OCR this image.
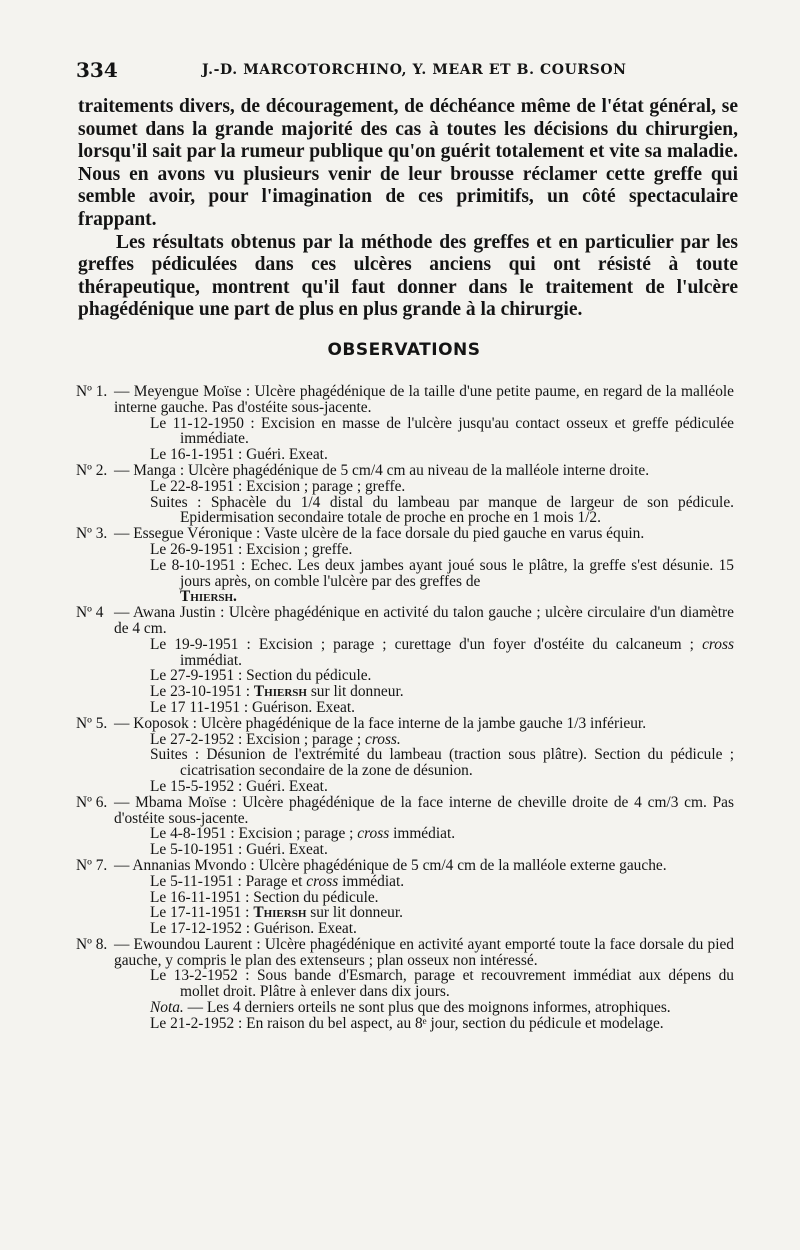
334	J.-D. MARCOTORCHINO, Y. MEAR ET B. COURSON

traitements divers, de découragement, de déchéance même de l'état général, se soumet dans la grande majorité des cas à toutes les décisions du chirurgien, lorsqu'il sait par la rumeur publique qu'on guérit totalement et vite sa maladie. Nous en avons vu plusieurs venir de leur brousse réclamer cette greffe qui semble avoir, pour l'imagination de ces primitifs, un côté spectaculaire frappant.

Les résultats obtenus par la méthode des greffes et en particulier par les greffes pédiculées dans ces ulcères anciens qui ont résisté à toute thérapeutique, montrent qu'il faut donner dans le traitement de l'ulcère phagédénique une part de plus en plus grande à la chirurgie.

OBSERVATIONS
Nº 1. — Meyengue Moïse : Ulcère phagédénique de la taille d'une petite paume, en regard de la malléole interne gauche. Pas d'ostéite sous-jacente.
Le 11-12-1950 : Excision en masse de l'ulcère jusqu'au contact osseux et greffe pédiculée immédiate.
Le 16-1-1951 : Guéri. Exeat.
Nº 2. — Manga : Ulcère phagédénique de 5 cm/4 cm au niveau de la malléole interne droite.
Le 22-8-1951 : Excision ; parage ; greffe.
Suites : Sphacèle du 1/4 distal du lambeau par manque de largeur de son pédicule. Epidermisation secondaire totale de proche en proche en 1 mois 1/2.
Nº 3. — Essegue Véronique : Vaste ulcère de la face dorsale du pied gauche en varus équin.
Le 26-9-1951 : Excision ; greffe.
Le 8-10-1951 : Echec. Les deux jambes ayant joué sous le plâtre, la greffe s'est désunie. 15 jours après, on comble l'ulcère par des greffes de
Thiersh.
Nº 4 — Awana Justin : Ulcère phagédénique en activité du talon gauche ; ulcère circulaire d'un diamètre de 4 cm.
Le 19-9-1951 : Excision ; parage ; curettage d'un foyer d'ostéite du calcaneum ; cross immédiat.
Le 27-9-1951 : Section du pédicule.
Le 23-10-1951 : Thiersh sur lit donneur.
Le 17 11-1951 : Guérison. Exeat.
Nº 5. — Koposok : Ulcère phagédénique de la face interne de la jambe gauche 1/3 inférieur.
Le 27-2-1952 : Excision ; parage ; cross.
Suites : Désunion de l'extrémité du lambeau (traction sous plâtre). Section du pédicule ; cicatrisation secondaire de la zone de désunion.
Le 15-5-1952 : Guéri. Exeat.
Nº 6. — Mbama Moïse : Ulcère phagédénique de la face interne de cheville droite de 4 cm/3 cm. Pas d'ostéite sous-jacente.
Le 4-8-1951 : Excision ; parage ; cross immédiat.
Le 5-10-1951 : Guéri. Exeat.
Nº 7. — Annanias Mvondo : Ulcère phagédénique de 5 cm/4 cm de la malléole externe gauche.
Le 5-11-1951 : Parage et cross immédiat.
Le 16-11-1951 : Section du pédicule.
Le 17-11-1951 : Thiersh sur lit donneur.
Le 17-12-1952 : Guérison. Exeat.
Nº 8. — Ewoundou Laurent : Ulcère phagédénique en activité ayant emporté toute la face dorsale du pied gauche, y compris le plan des extenseurs ; plan osseux non intéressé.
Le 13-2-1952 : Sous bande d'Esmarch, parage et recouvrement immédiat aux dépens du mollet droit. Plâtre à enlever dans dix jours.
Nota. — Les 4 derniers orteils ne sont plus que des moignons informes, atrophiques.
Le 21-2-1952 : En raison du bel aspect, au 8ᵉ jour, section du pédicule et modelage.
